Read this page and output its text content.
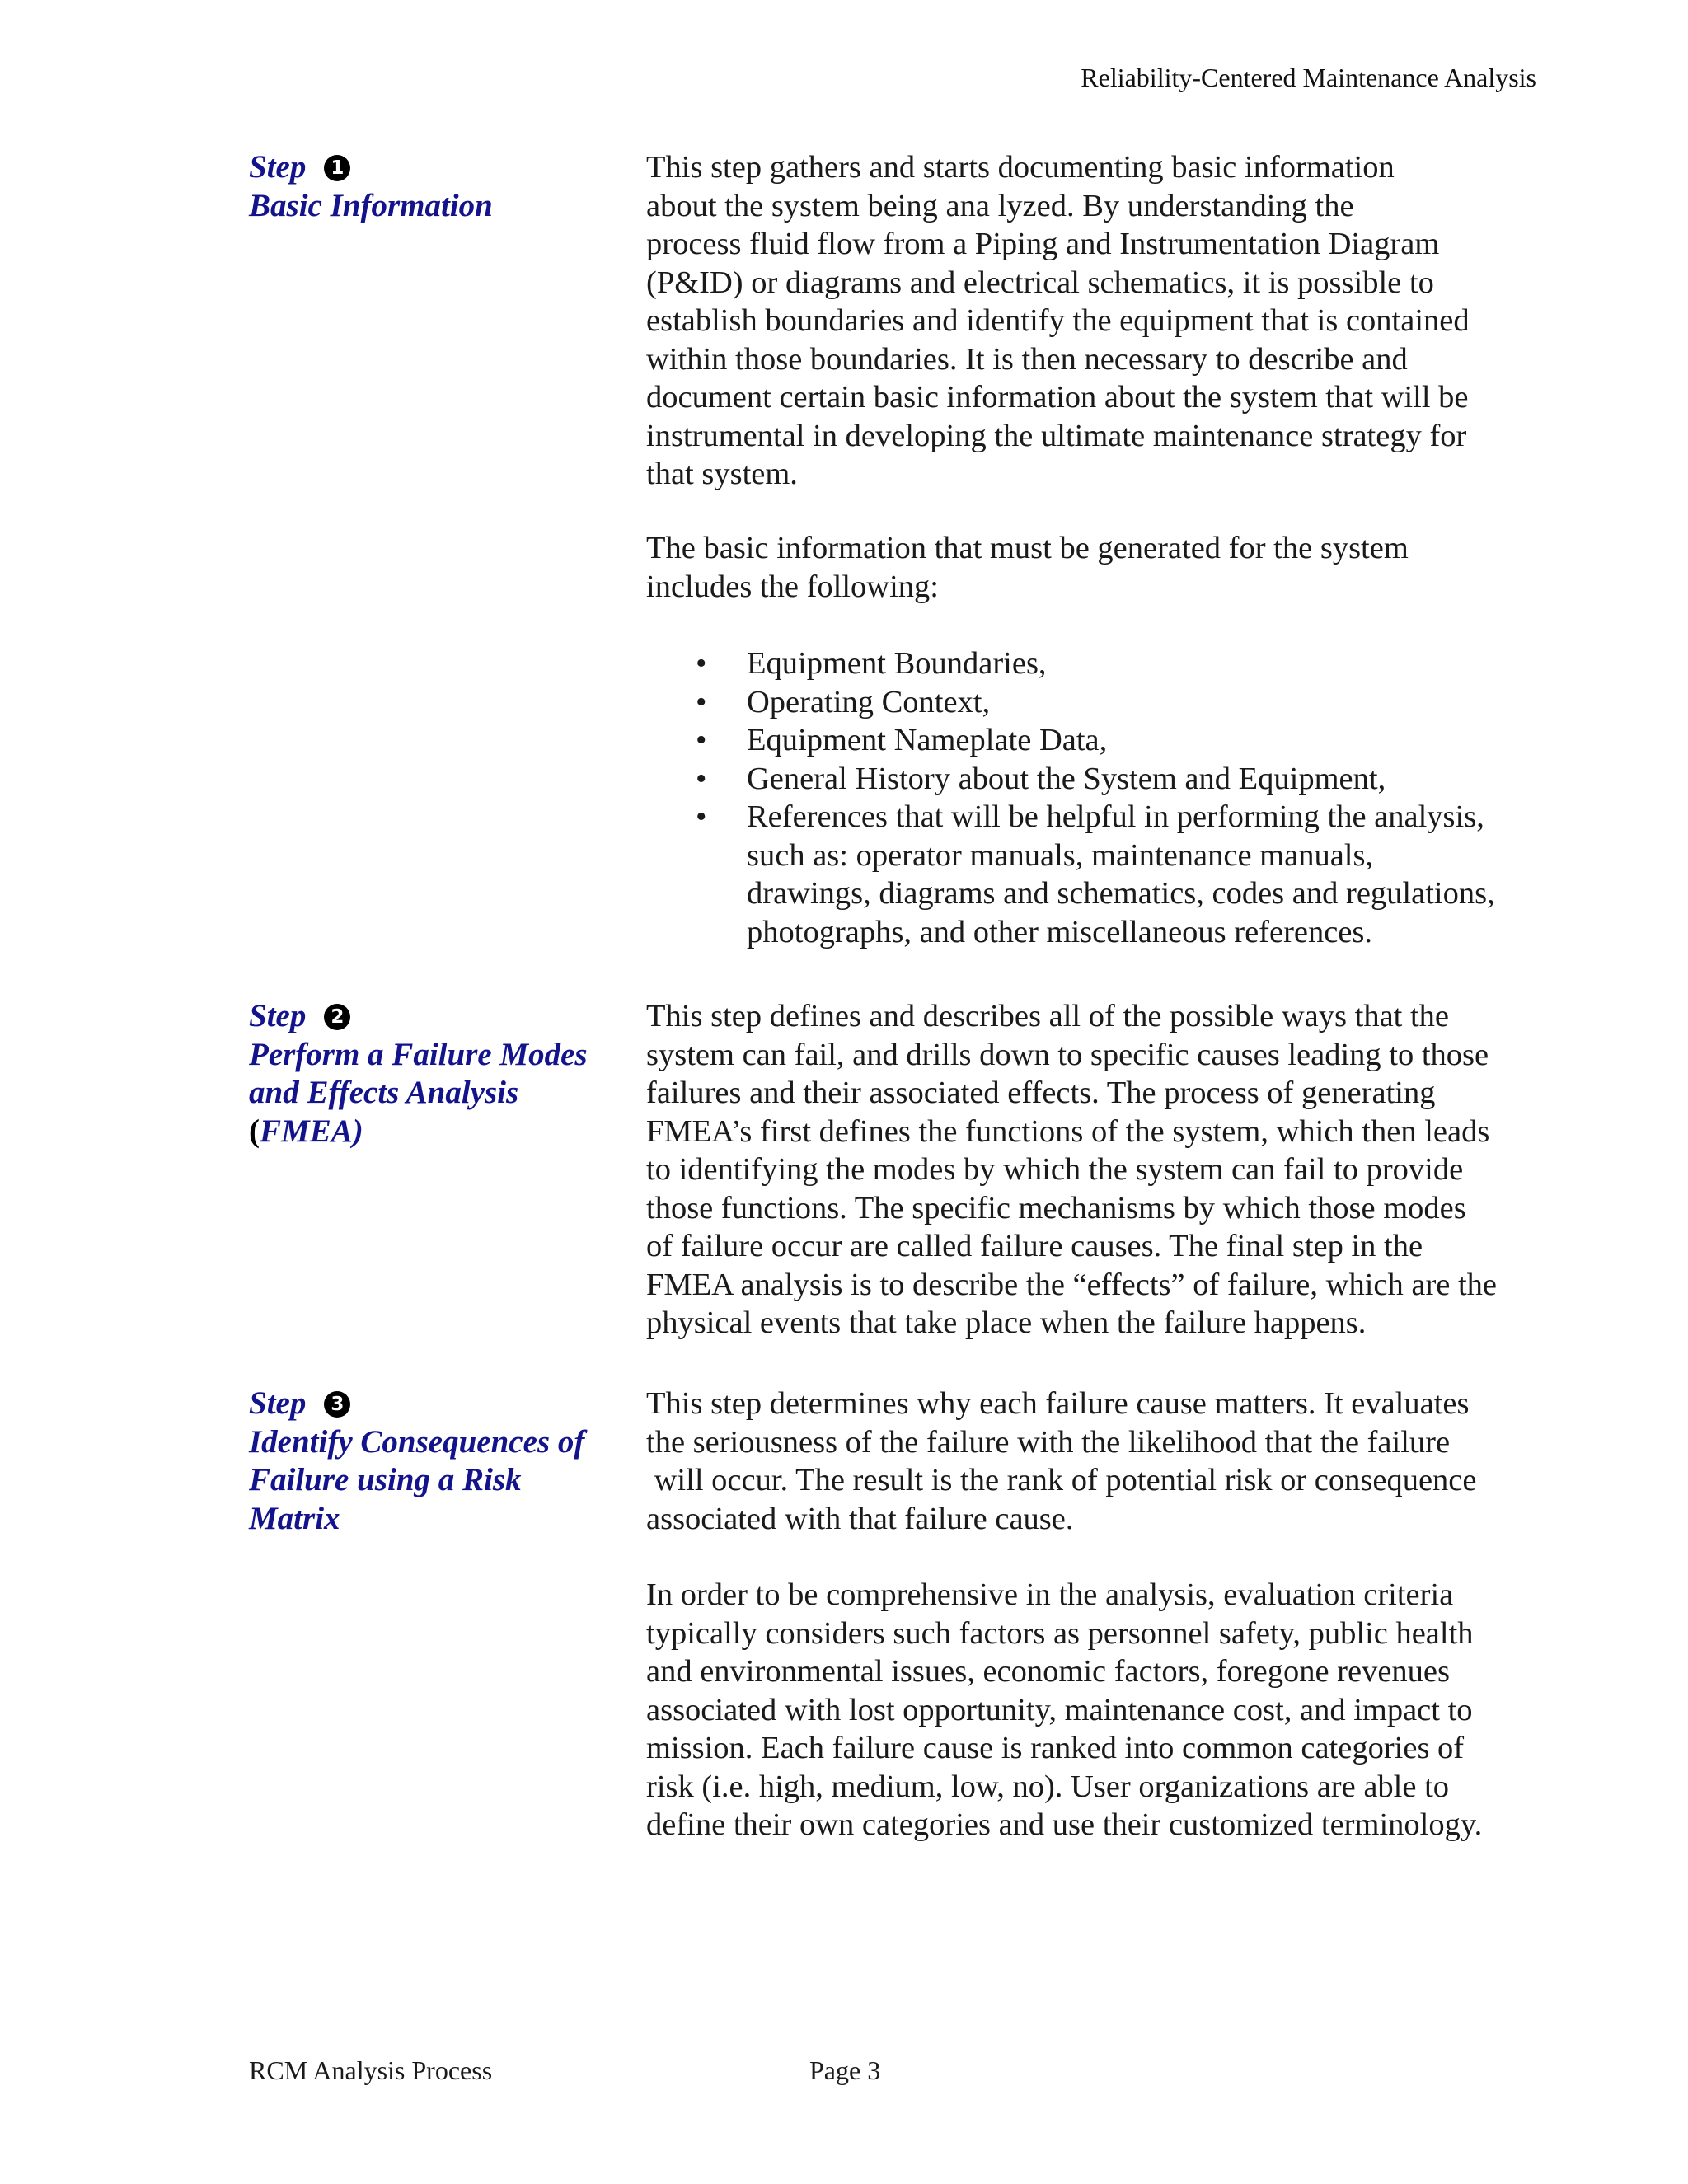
Reliability-Centered Maintenance Analysis
Step 1
Basic Information
This step gathers and starts documenting basic information
about the system being ana lyzed. By understanding the
process fluid flow from a Piping and Instrumentation Diagram
(P&ID) or diagrams and electrical schematics, it is possible to
establish boundaries and identify the equipment that is contained
within those boundaries. It is then necessary to describe and
document certain basic information about the system that will be
instrumental in developing the ultimate maintenance strategy for
that system.
The basic information that must be generated for the system
includes the following:
• Equipment Boundaries,
• Operating Context,
• Equipment Nameplate Data,
• General History about the System and Equipment,
• References that will be helpful in performing the analysis,
such as: operator manuals, maintenance manuals,
drawings, diagrams and schematics, codes and regulations,
photographs, and other miscellaneous references.
Step 2
Perform a Failure Modes
and Effects Analysis
(FMEA)
This step defines and describes all of the possible ways that the
system can fail, and drills down to specific causes leading to those
failures and their associated effects. The process of generating
FMEA’s first defines the functions of the system, which then leads
to identifying the modes by which the system can fail to provide
those functions. The specific mechanisms by which those modes
of failure occur are called failure causes. The final step in the
FMEA analysis is to describe the “effects” of failure, which are the
physical events that take place when the failure happens.
Step 3
Identify Consequences of
Failure using a Risk
Matrix
This step determines why each failure cause matters. It evaluates
the seriousness of the failure with the likelihood that the failure
will occur. The result is the rank of potential risk or consequence
associated with that failure cause.
In order to be comprehensive in the analysis, evaluation criteria
typically considers such factors as personnel safety, public health
and environmental issues, economic factors, foregone revenues
associated with lost opportunity, maintenance cost, and impact to
mission. Each failure cause is ranked into common categories of
risk (i.e. high, medium, low, no). User organizations are able to
define their own categories and use their customized terminology.
RCM Analysis Process	Page 3
